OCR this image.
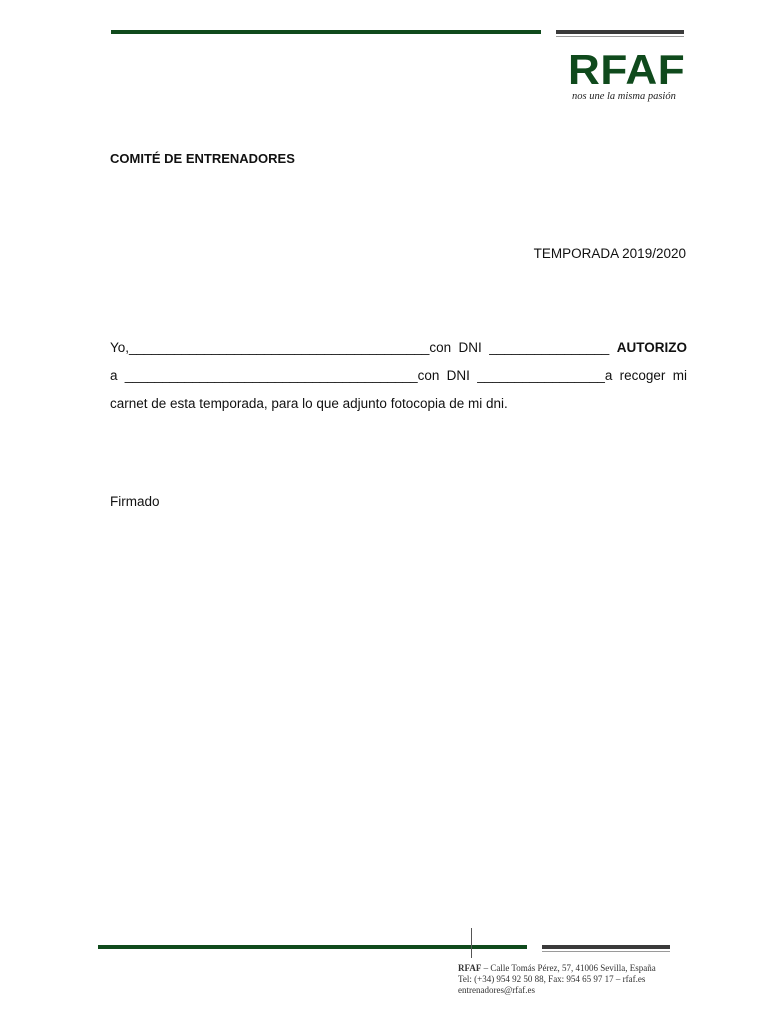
RFAF
nos une la misma pasión
COMITÉ DE ENTRENADORES
TEMPORADA 2019/2020
Yo,________________________________________con DNI ________________ AUTORIZO
a _______________________________________con DNI _________________a recoger mi
carnet de esta temporada, para lo que adjunto fotocopia de mi dni.
Firmado
RFAF – Calle Tomás Pérez, 57, 41006 Sevilla, España
Tel: (+34) 954 92 50 88, Fax: 954 65 97 17 – rfaf.es
entrenadores@rfaf.es
